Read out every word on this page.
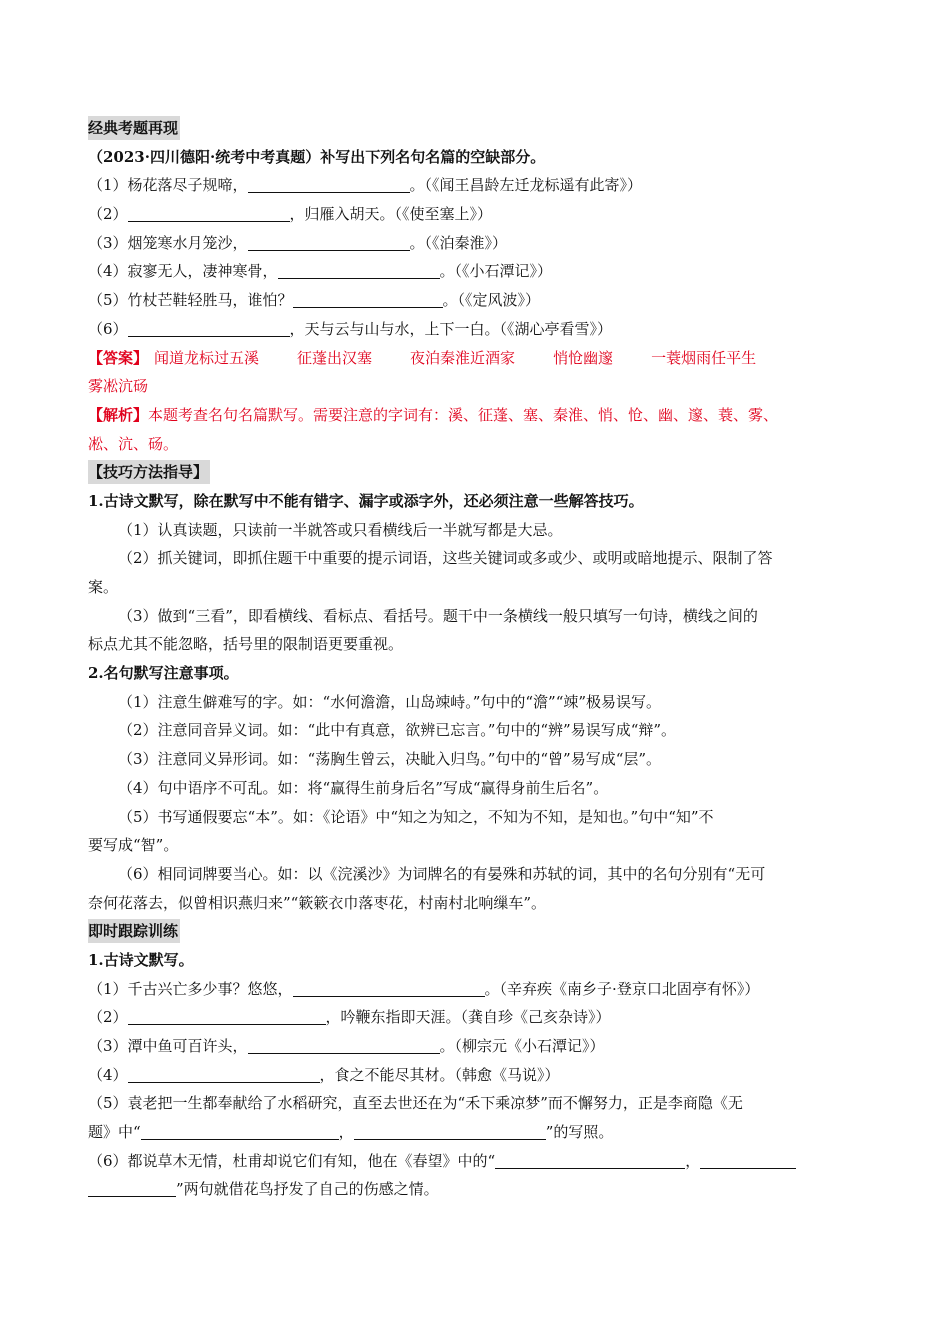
经典考题再现
（2023·四川德阳·统考中考真题）补写出下列名句名篇的空缺部分。
（1）杨花落尽子规啼，	。（《闻王昌龄左迁龙标遥有此寄》）
（2）	，归雁入胡天。（《使至塞上》）
（3）烟笼寒水月笼沙，	。（《泊秦淮》）
（4）寂寥无人，凄神寒骨，	。（《小石潭记》）
（5）竹杖芒鞋轻胜马，谁怕？	。（《定风波》）
（6）	，天与云与山与水，上下一白。（《湖心亭看雪》）
【答案】 闻道龙标过五溪	征蓬出汉塞	夜泊秦淮近酒家	悄怆幽邃	一蓑烟雨任平生
雾凇沆砀
【解析】本题考查名句名篇默写。需要注意的字词有：溪、征蓬、塞、秦淮、悄、怆、幽、邃、蓑、雾、
凇、沆、砀。
【技巧方法指导】
1.古诗文默写，除在默写中不能有错字、漏字或添字外，还必须注意一些解答技巧。
（1）认真读题，只读前一半就答或只看横线后一半就写都是大忌。
（2）抓关键词，即抓住题干中重要的提示词语，这些关键词或多或少、或明或暗地提示、限制了答
案。
（3）做到“三看”，即看横线、看标点、看括号。题干中一条横线一般只填写一句诗，横线之间的
标点尤其不能忽略，括号里的限制语更要重视。
2.名句默写注意事项。
（1）注意生僻难写的字。如：“水何澹澹，山岛竦峙。”句中的“澹”“竦”极易误写。
（2）注意同音异义词。如：“此中有真意，欲辨已忘言。”句中的“辨”易误写成“辩”。
（3）注意同义异形词。如：“荡胸生曾云，决眦入归鸟。”句中的“曾”易写成“层”。
（4）句中语序不可乱。如：将“赢得生前身后名”写成“赢得身前生后名”。
（5）书写通假要忘“本”。如：《论语》中“知之为知之，不知为不知，是知也。”句中“知”不
要写成“智”。
（6）相同词牌要当心。如：以《浣溪沙》为词牌名的有晏殊和苏轼的词，其中的名句分别有“无可
奈何花落去，似曾相识燕归来”“簌簌衣巾落枣花，村南村北响缫车”。
即时跟踪训练
1.古诗文默写。
（1）千古兴亡多少事？悠悠，	。（辛弃疾《南乡子·登京口北固亭有怀》）
（2）	，吟鞭东指即天涯。（龚自珍《己亥杂诗》）
（3）潭中鱼可百许头，	。（柳宗元《小石潭记》）
（4）	，食之不能尽其材。（韩愈《马说》）
（5）袁老把一生都奉献给了水稻研究，直至去世还在为“禾下乘凉梦”而不懈努力，正是李商隐《无
题》中“	，	”的写照。
（6）都说草木无情，杜甫却说它们有知，他在《春望》中的“	，
”两句就借花鸟抒发了自己的伤感之情。
